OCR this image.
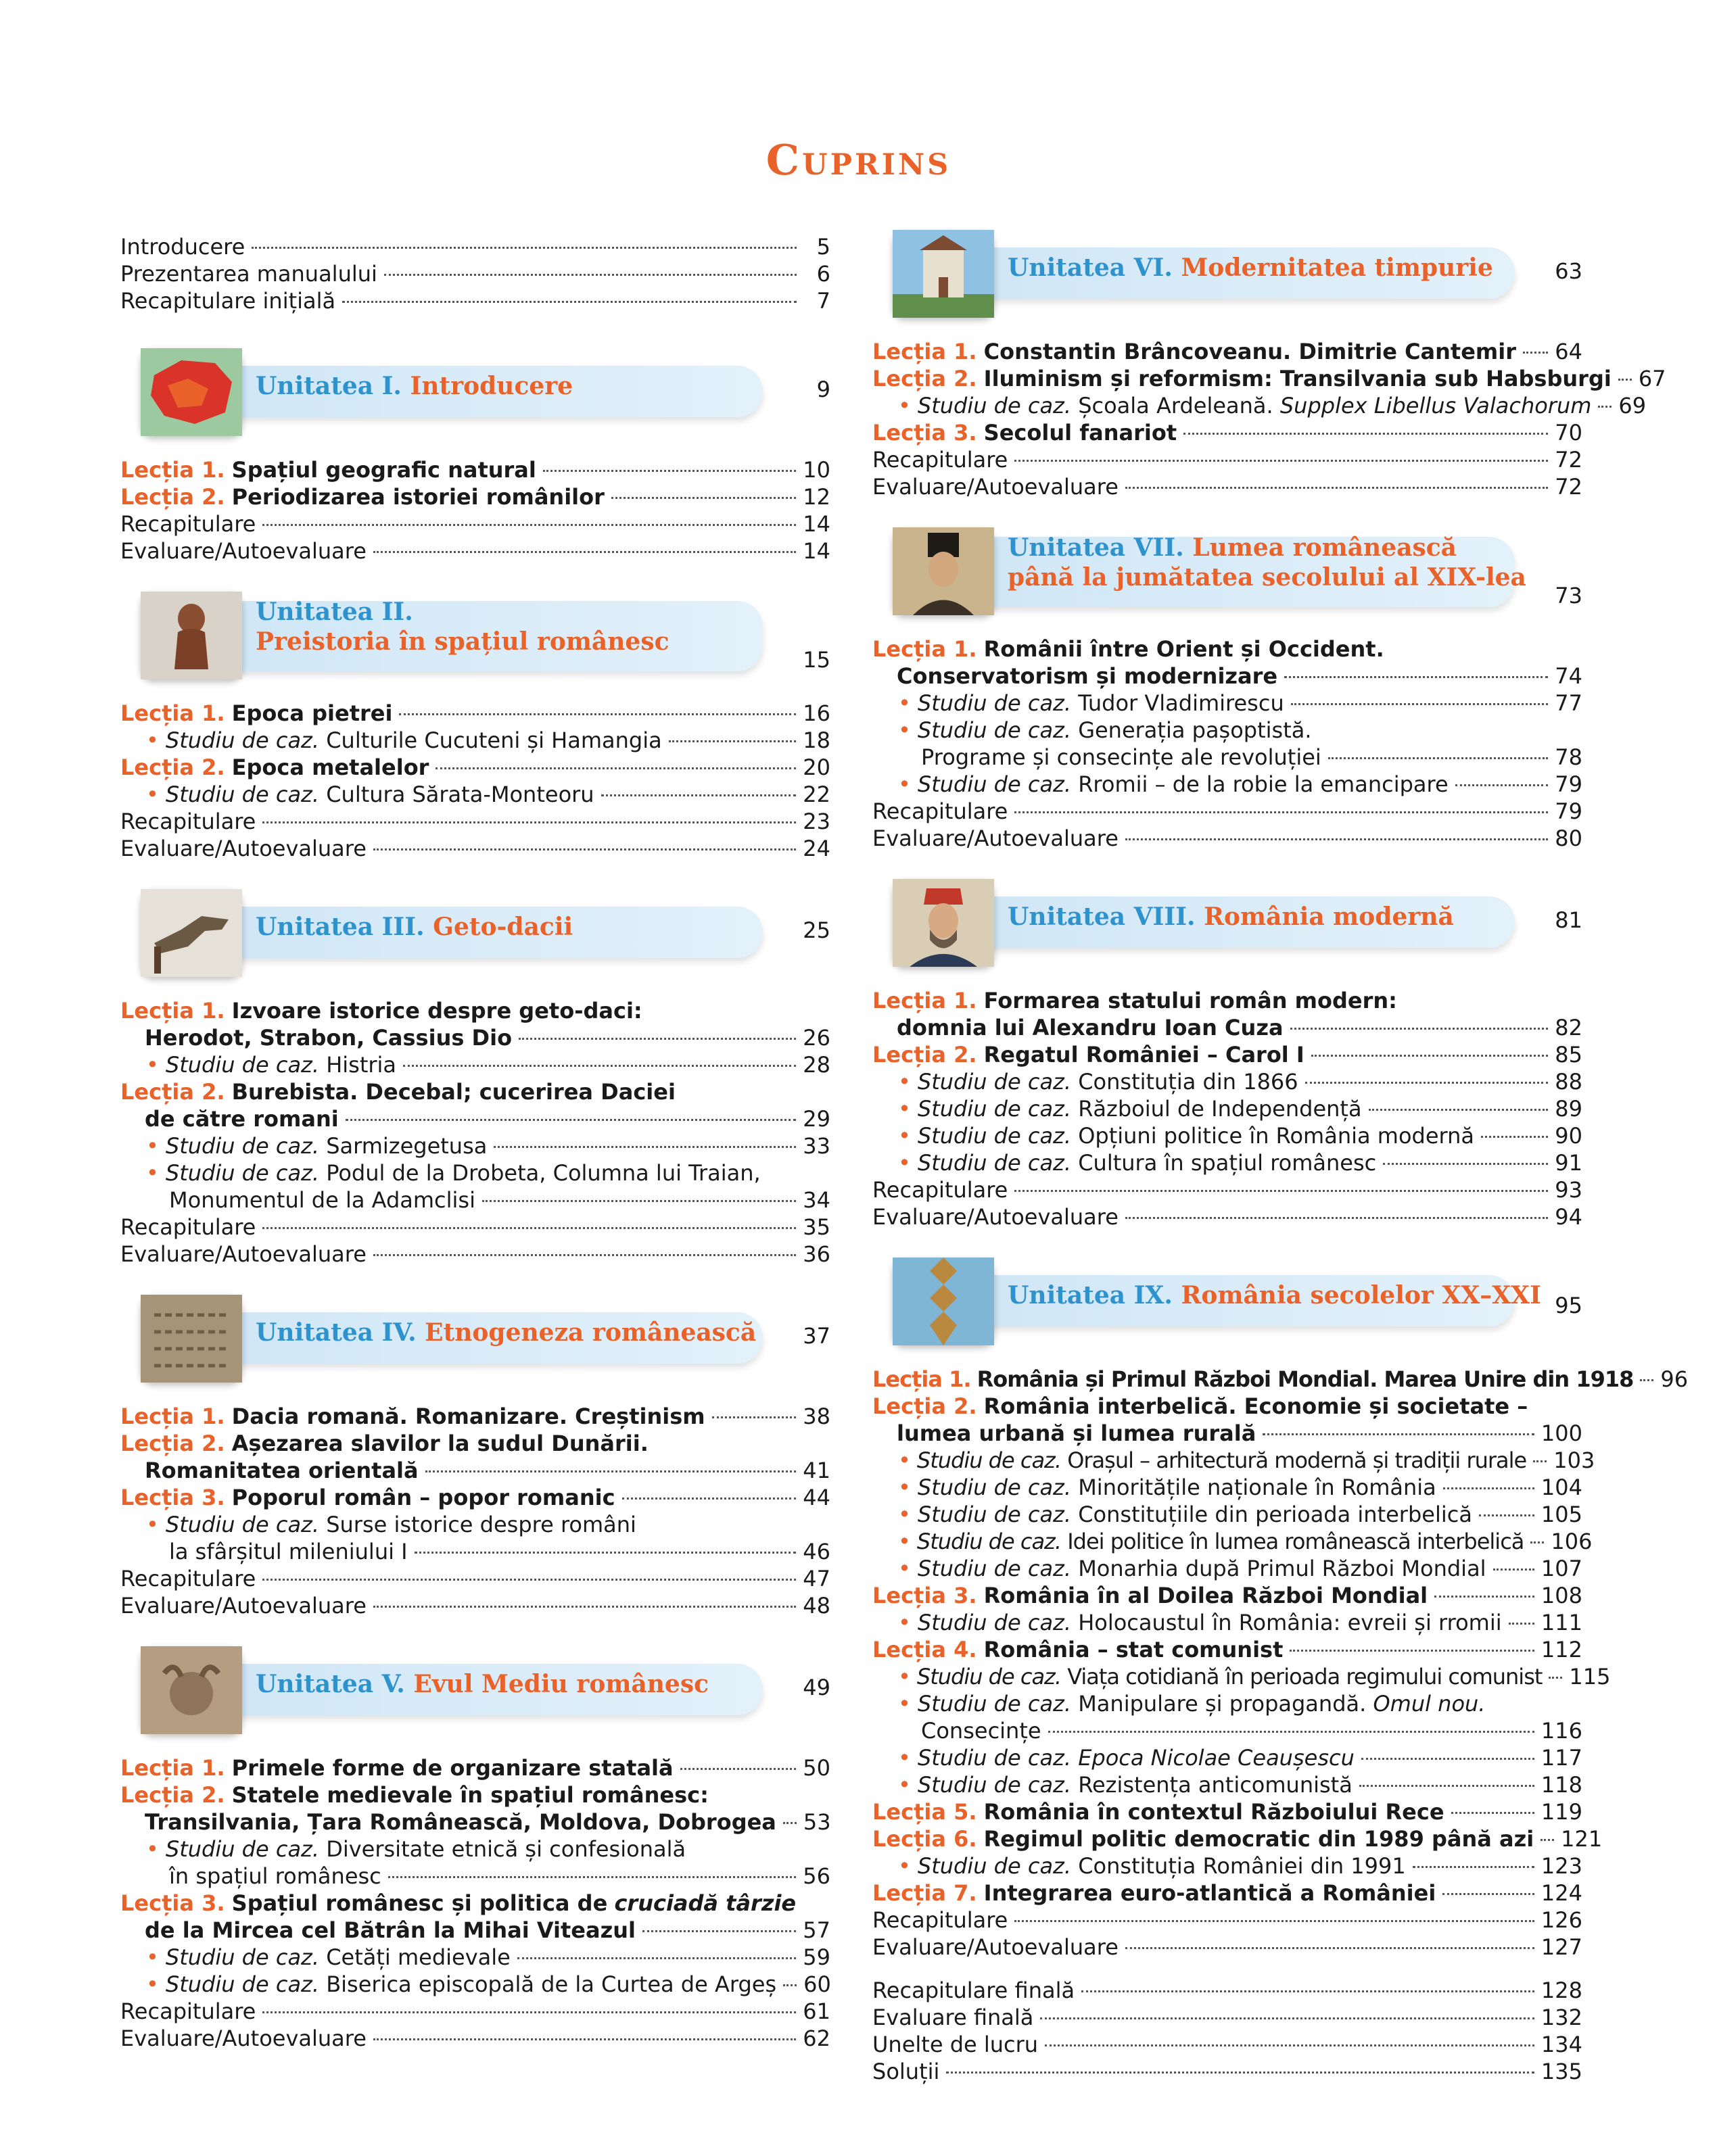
Cuprins
Introducere	5
Prezentarea manualului	6
Recapitulare inițială	7
Unitatea I. Introducere	9
Lecția 1. Spațiul geografic natural	10
Lecția 2. Periodizarea istoriei românilor	12
Recapitulare	14
Evaluare/Autoevaluare	14
Unitatea II.
Preistoria în spațiul românesc
15
Lecția 1. Epoca pietrei	16
• Studiu de caz. Culturile Cucuteni și Hamangia	18
Lecția 2. Epoca metalelor	20
• Studiu de caz. Cultura Sărata-Monteoru	22
Recapitulare	23
Evaluare/Autoevaluare	24
Unitatea III. Geto-dacii	25
Lecția 1. Izvoare istorice despre geto-daci:
Herodot, Strabon, Cassius Dio	26
• Studiu de caz. Histria	28
Lecția 2. Burebista. Decebal; cucerirea Daciei
de către romani	29
• Studiu de caz. Sarmizegetusa	33
• Studiu de caz. Podul de la Drobeta, Columna lui Traian,
Monumentul de la Adamclisi	34
Recapitulare	35
Evaluare/Autoevaluare	36
Unitatea IV. Etnogeneza românească 37
Lecția 1. Dacia romană. Romanizare. Creștinism	38
Lecția 2. Așezarea slavilor la sudul Dunării.
Romanitatea orientală	41
Lecția 3. Poporul român – popor romanic	44
• Studiu de caz. Surse istorice despre români
la sfârșitul mileniului I	46
Recapitulare	47
Evaluare/Autoevaluare	48
Unitatea V. Evul Mediu românesc	49
Lecția 1. Primele forme de organizare statală	50
Lecția 2. Statele medievale în spațiul românesc:
Transilvania, Țara Românească, Moldova, Dobrogea 53
• Studiu de caz. Diversitate etnică și confesională
în spațiul românesc	56
Lecția 3. Spațiul românesc și politica de cruciadă târzie
de la Mircea cel Bătrân la Mihai Viteazul	57
• Studiu de caz. Cetăți medievale	59
• Studiu de caz. Biserica episcopală de la Curtea de Argeș 60
Recapitulare	61
Evaluare/Autoevaluare	62
Unitatea VI. Modernitatea timpurie	63
Lecția 1. Constantin Brâncoveanu. Dimitrie Cantemir 64
Lecția 2. Iluminism și reformism: Transilvania sub Habsburgi 67
• Studiu de caz. Școala Ardeleană. Supplex Libellus Valachorum 69
Lecția 3. Secolul fanariot	70
Recapitulare	72
Evaluare/Autoevaluare	72
Unitatea VII. Lumea românească
până la jumătatea secolului al XIX-lea
73
Lecția 1. Românii între Orient și Occident.
Conservatorism și modernizare	74
• Studiu de caz. Tudor Vladimirescu	77
• Studiu de caz. Generația pașoptistă.
Programe și consecințe ale revoluției	78
• Studiu de caz. Rromii – de la robie la emancipare	79
Recapitulare	79
Evaluare/Autoevaluare	80
Unitatea VIII. România modernă	81
Lecția 1. Formarea statului român modern:
domnia lui Alexandru Ioan Cuza	82
Lecția 2. Regatul României – Carol I	85
• Studiu de caz. Constituția din 1866	88
• Studiu de caz. Războiul de Independență	89
• Studiu de caz. Opțiuni politice în România modernă	90
• Studiu de caz. Cultura în spațiul românesc	91
Recapitulare	93
Evaluare/Autoevaluare	94
Unitatea IX. România secolelor XX–XXI 95
Lecția 1. România și Primul Război Mondial. Marea Unire din 1918 96
Lecția 2. România interbelică. Economie și societate –
lumea urbană și lumea rurală	100
• Studiu de caz. Orașul – arhitectură modernă și tradiții rurale 103
• Studiu de caz. Minoritățile naționale în România	104
• Studiu de caz. Constituțiile din perioada interbelică	105
• Studiu de caz. Idei politice în lumea românească interbelică 106
• Studiu de caz. Monarhia după Primul Război Mondial	107
Lecția 3. România în al Doilea Război Mondial	108
• Studiu de caz. Holocaustul în România: evreii și rromii 111
Lecția 4. România – stat comunist	112
• Studiu de caz. Viața cotidiană în perioada regimului comunist 115
• Studiu de caz. Manipulare și propagandă. Omul nou.
Consecințe	116
• Studiu de caz. Epoca Nicolae Ceaușescu	117
• Studiu de caz. Rezistența anticomunistă	118
Lecția 5. România în contextul Războiului Rece	119
Lecția 6. Regimul politic democratic din 1989 până azi 121
• Studiu de caz. Constituția României din 1991	123
Lecția 7. Integrarea euro-atlantică a României	124
Recapitulare	126
Evaluare/Autoevaluare	127
Recapitulare finală	128
Evaluare finală	132
Unelte de lucru	134
Soluții	135
